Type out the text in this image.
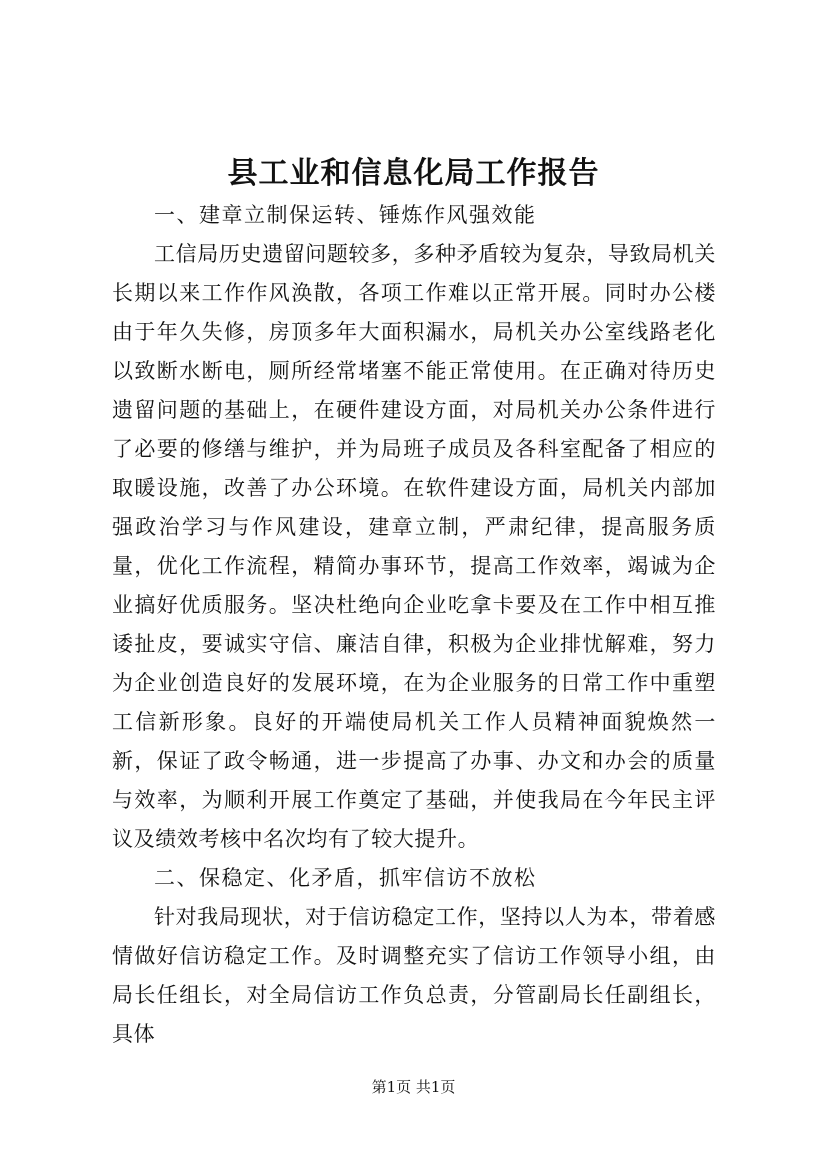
县工业和信息化局工作报告

一、建章立制保运转、锤炼作风强效能

工信局历史遗留问题较多，多种矛盾较为复杂，导致局机关长期以来工作作风涣散，各项工作难以正常开展。同时办公楼由于年久失修，房顶多年大面积漏水，局机关办公室线路老化以致断水断电，厕所经常堵塞不能正常使用。在正确对待历史遗留问题的基础上，在硬件建设方面，对局机关办公条件进行了必要的修缮与维护，并为局班子成员及各科室配备了相应的取暖设施，改善了办公环境。在软件建设方面，局机关内部加强政治学习与作风建设，建章立制，严肃纪律，提高服务质量，优化工作流程，精简办事环节，提高工作效率，竭诚为企业搞好优质服务。坚决杜绝向企业吃拿卡要及在工作中相互推诿扯皮，要诚实守信、廉洁自律，积极为企业排忧解难，努力为企业创造良好的发展环境，在为企业服务的日常工作中重塑工信新形象。良好的开端使局机关工作人员精神面貌焕然一新，保证了政令畅通，进一步提高了办事、办文和办会的质量与效率，为顺利开展工作奠定了基础，并使我局在今年民主评议及绩效考核中名次均有了较大提升。

二、保稳定、化矛盾，抓牢信访不放松

针对我局现状，对于信访稳定工作，坚持以人为本，带着感情做好信访稳定工作。及时调整充实了信访工作领导小组，由局长任组长，对全局信访工作负总责，分管副局长任副组长，具体

第1页 共1页
